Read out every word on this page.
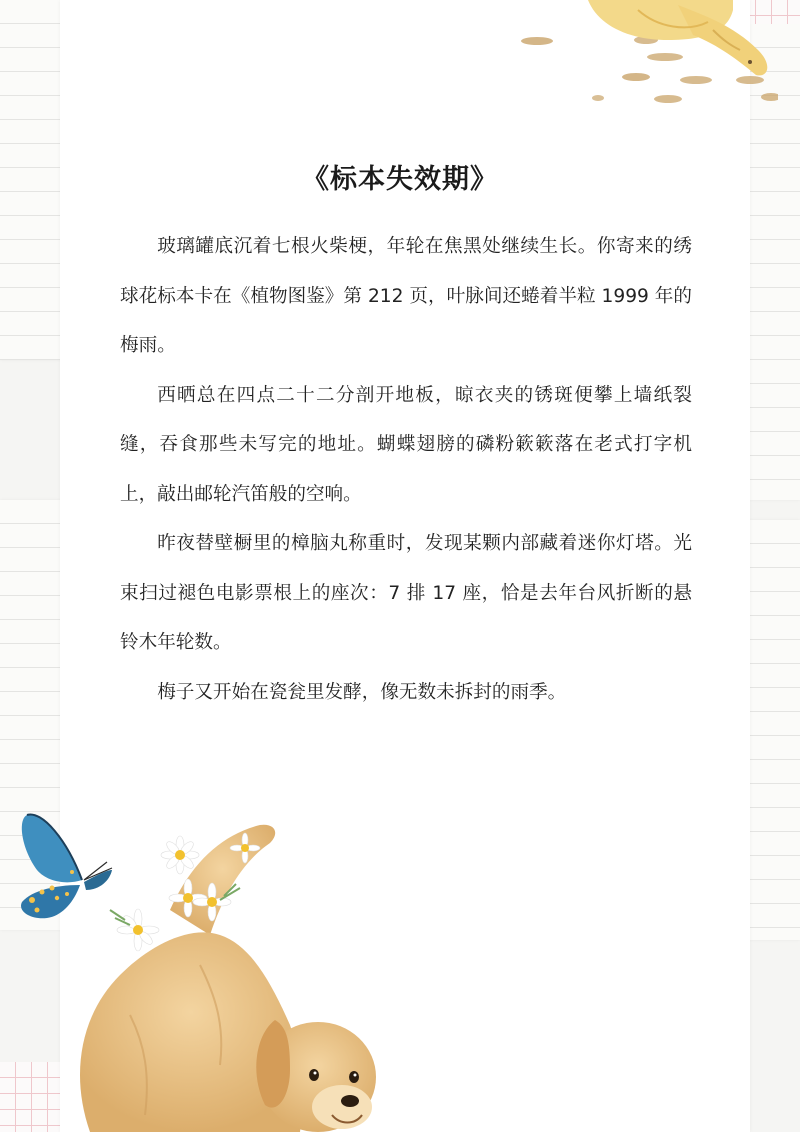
《标本失效期》

玻璃罐底沉着七根火柴梗，年轮在焦黑处继续生长。你寄来的绣球花标本卡在《植物图鉴》第 212 页，叶脉间还蜷着半粒 1999 年的梅雨。

西晒总在四点二十二分剖开地板，晾衣夹的锈斑便攀上墙纸裂缝，吞食那些未写完的地址。蝴蝶翅膀的磷粉簌簌落在老式打字机上，敲出邮轮汽笛般的空响。

昨夜替壁橱里的樟脑丸称重时，发现某颗内部藏着迷你灯塔。光束扫过褪色电影票根上的座次：7 排 17 座，恰是去年台风折断的悬铃木年轮数。

梅子又开始在瓷瓮里发酵，像无数未拆封的雨季。
